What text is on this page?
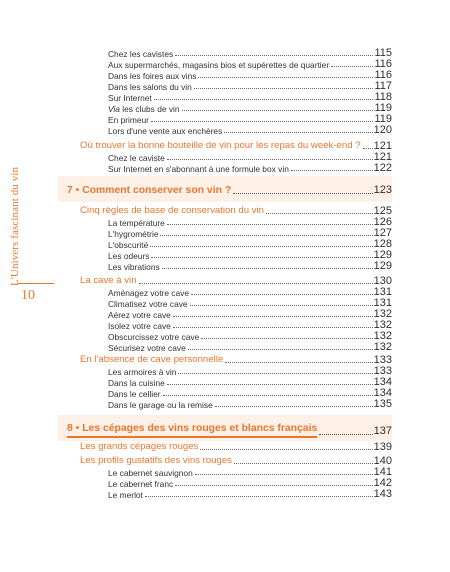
L'Univers fascinant du vin
10
Chez les cavistes	115
Aux supermarchés, magasins bios et supérettes de quartier	116
Dans les foires aux vins	116
Dans les salons du vin	117
Sur Internet	118
Via les clubs de vin	119
En primeur	119
Lors d'une vente aux enchères	120
Où trouver la bonne bouteille de vin pour les repas du week-end ? 121
Chez le caviste	121
Sur Internet en s'abonnant à une formule box vin	122
7 • Comment conserver son vin ?	123
Cinq règles de base de conservation du vin	125
La température	126
L'hygrométrie	127
L'obscurité	128
Les odeurs	129
Les vibrations	129
La cave à vin	130
Aménagez votre cave	131
Climatisez votre cave	131
Aérez votre cave	132
Isolez votre cave	132
Obscurcissez votre cave	132
Sécurisez votre cave	132
En l'absence de cave personnelle	133
Les armoires à vin	133
Dans la cuisine	134
Dans le cellier	134
Dans le garage ou la remise	135
8 • Les cépages des vins rouges et blancs français	137
Les grands cépages rouges	139
Les profils gustatifs des vins rouges	140
Le cabernet sauvignon	141
Le cabernet franc	142
Le merlot	143
